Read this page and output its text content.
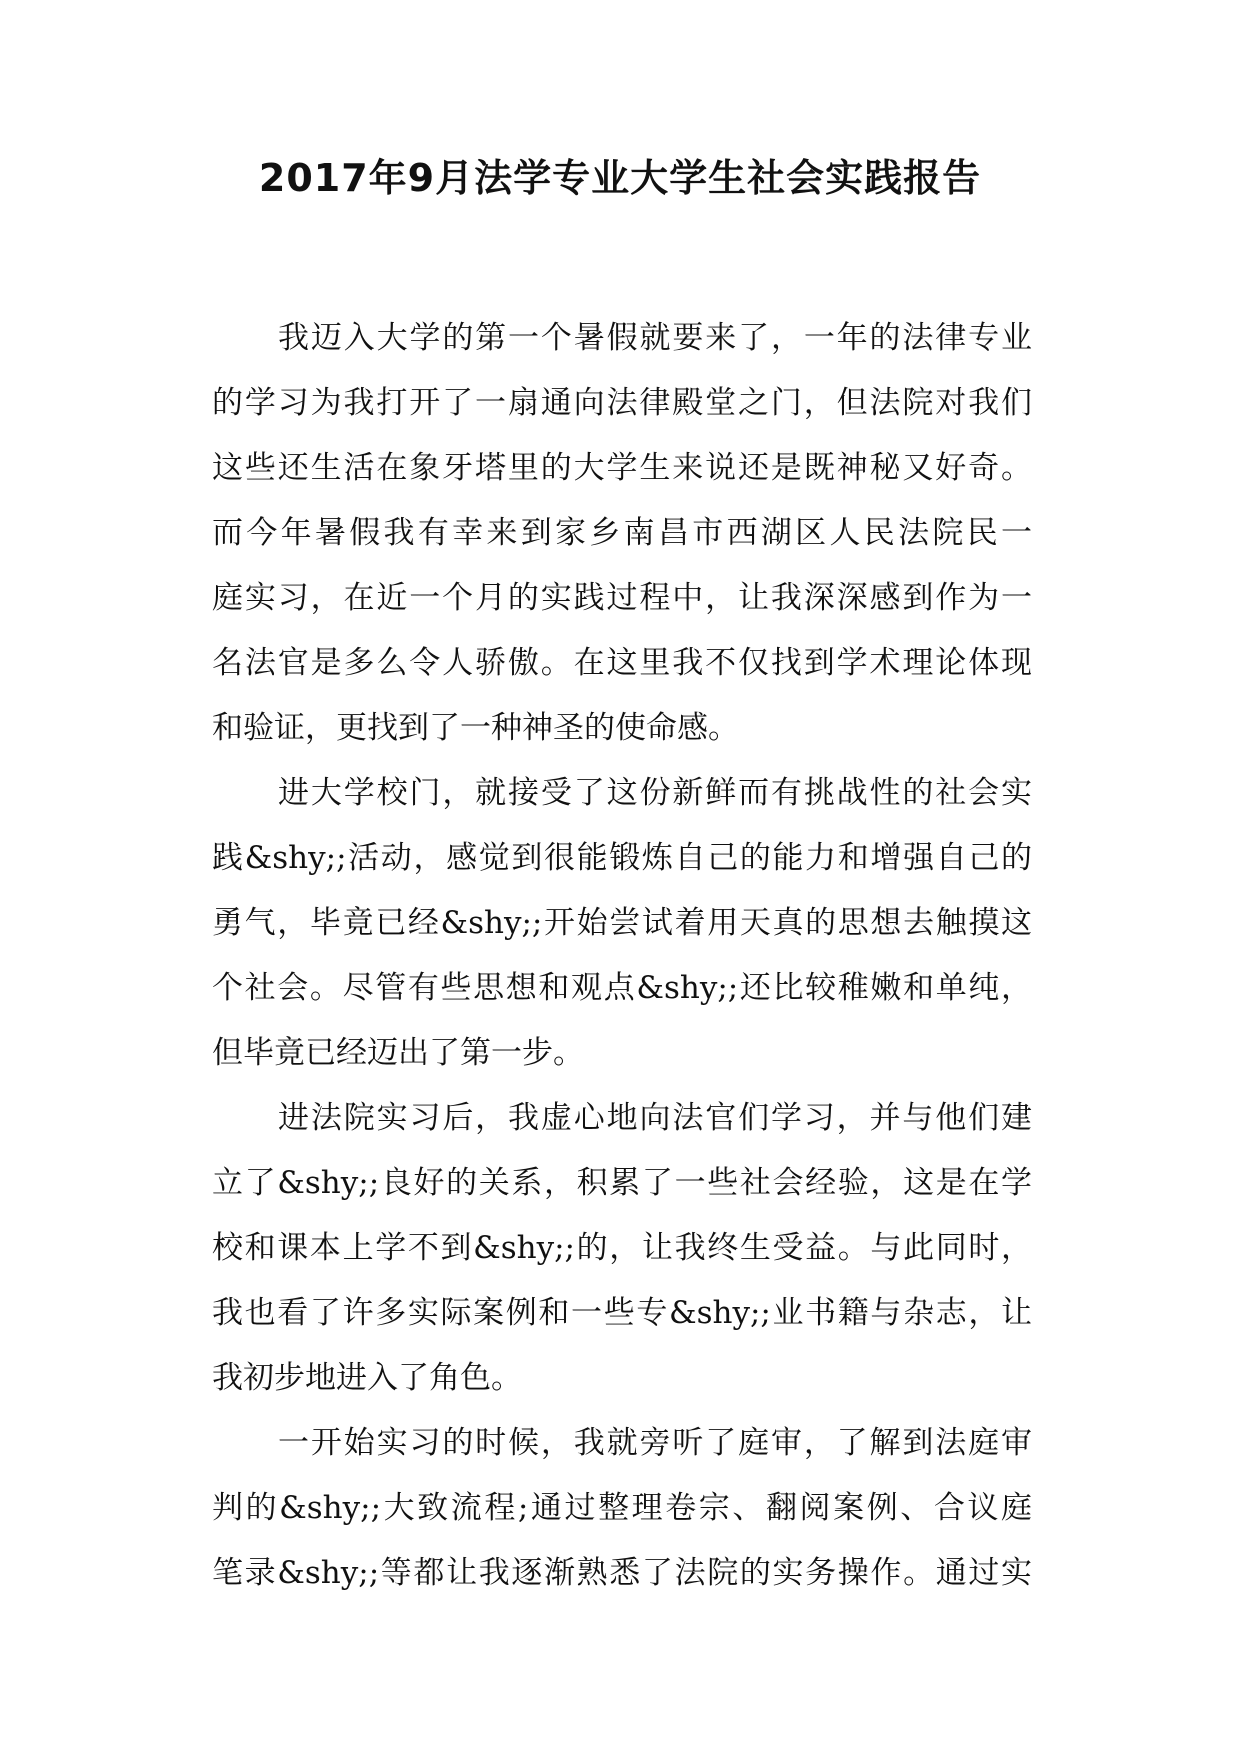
2017年9月法学专业大学生社会实践报告
我迈入大学的第一个暑假就要来了，一年的法律专业
的学习为我打开了一扇通向法律殿堂之门，但法院对我们
这些还生活在象牙塔里的大学生来说还是既神秘又好奇。
而今年暑假我有幸来到家乡南昌市西湖区人民法院民一
庭实习，在近一个月的实践过程中，让我深深感到作为一
名法官是多么令人骄傲。在这里我不仅找到学术理论体现
和验证，更找到了一种神圣的使命感。
进大学校门，就接受了这份新鲜而有挑战性的社会实
践&shy;;活动，感觉到很能锻炼自己的能力和增强自己的
勇气，毕竟已经&shy;;开始尝试着用天真的思想去触摸这
个社会。尽管有些思想和观点&shy;;还比较稚嫩和单纯，
但毕竟已经迈出了第一步。
进法院实习后，我虚心地向法官们学习，并与他们建
立了&shy;;良好的关系，积累了一些社会经验，这是在学
校和课本上学不到&shy;;的，让我终生受益。与此同时，
我也看了许多实际案例和一些专&shy;;业书籍与杂志，让
我初步地进入了角色。
一开始实习的时候，我就旁听了庭审，了解到法庭审
判的&shy;;大致流程;通过整理卷宗、翻阅案例、合议庭
笔录&shy;;等都让我逐渐熟悉了法院的实务操作。通过实
